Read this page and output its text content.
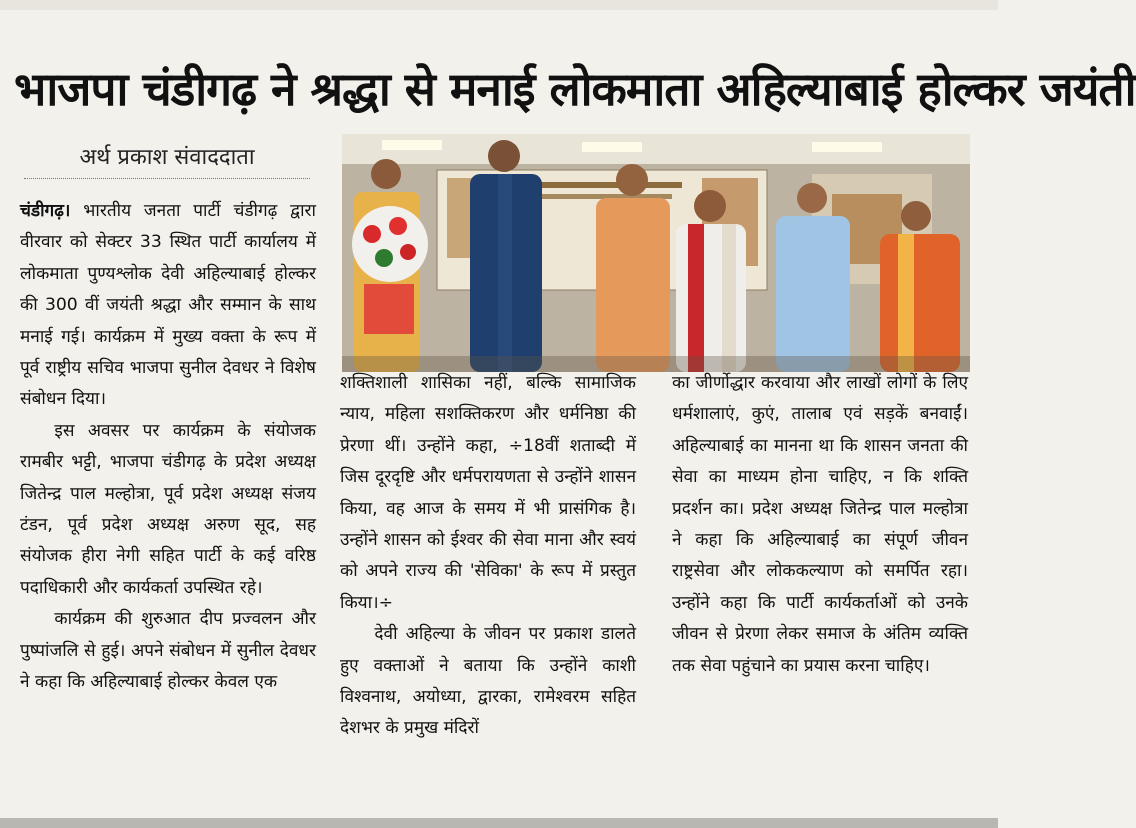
भाजपा चंडीगढ़ ने श्रद्धा से मनाई लोकमाता अहिल्याबाई होल्कर जयंती
अर्थ प्रकाश संवाददाता

चंडीगढ़। भारतीय जनता पार्टी चंडीगढ़ द्वारा वीरवार को सेक्टर 33 स्थित पार्टी कार्यालय में लोकमाता पुण्यश्लोक देवी अहिल्याबाई होल्कर की 300 वीं जयंती श्रद्धा और सम्मान के साथ मनाई गई। कार्यक्रम में मुख्य वक्ता के रूप में पूर्व राष्ट्रीय सचिव भाजपा सुनील देवधर ने विशेष संबोधन दिया।

इस अवसर पर कार्यक्रम के संयोजक रामबीर भट्टी, भाजपा चंडीगढ़ के प्रदेश अध्यक्ष जितेन्द्र पाल मल्होत्रा, पूर्व प्रदेश अध्यक्ष संजय टंडन, पूर्व प्रदेश अध्यक्ष अरुण सूद, सह संयोजक हीरा नेगी सहित पार्टी के कई वरिष्ठ पदाधिकारी और कार्यकर्ता उपस्थित रहे।

कार्यक्रम की शुरुआत दीप प्रज्वलन और पुष्पांजलि से हुई। अपने संबोधन में सुनील देवधर ने कहा कि अहिल्याबाई होल्कर केवल एक

शक्तिशाली शासिका नहीं, बल्कि सामाजिक न्याय, महिला सशक्तिकरण और धर्मनिष्ठा की प्रेरणा थीं। उन्होंने कहा, ÷18वीं शताब्दी में जिस दूरदृष्टि और धर्मपरायणता से उन्होंने शासन किया, वह आज के समय में भी प्रासंगिक है। उन्होंने शासन को ईश्वर की सेवा माना और स्वयं को अपने राज्य की 'सेविका' के रूप में प्रस्तुत किया।÷

देवी अहिल्या के जीवन पर प्रकाश डालते हुए वक्ताओं ने बताया कि उन्होंने काशी विश्वनाथ, अयोध्या, द्वारका, रामेश्वरम सहित देशभर के प्रमुख मंदिरों

का जीर्णोद्धार करवाया और लाखों लोगों के लिए धर्मशालाएं, कुएं, तालाब एवं सड़कें बनवाईं। अहिल्याबाई का मानना था कि शासन जनता की सेवा का माध्यम होना चाहिए, न कि शक्ति प्रदर्शन का। प्रदेश अध्यक्ष जितेन्द्र पाल मल्होत्रा ने कहा कि अहिल्याबाई का संपूर्ण जीवन राष्ट्रसेवा और लोककल्याण को समर्पित रहा। उन्होंने कहा कि पार्टी कार्यकर्ताओं को उनके जीवन से प्रेरणा लेकर समाज के अंतिम व्यक्ति तक सेवा पहुंचाने का प्रयास करना चाहिए।
